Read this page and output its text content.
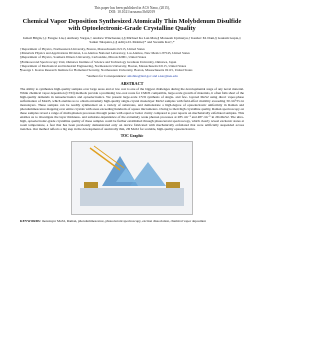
This paper has been published in ACS Nano, (2015),
DOI: 10.1021/acsnano.5b02019
Chemical Vapor Deposition Synthesized Atomically Thin Molybdenum Disulfide with Optoelectronic-Grade Crystalline Quality
Ismail Bilgin,†,‡ Fangze Liu,‡ Anthony Vargas,† Andrew Winchester,‡,§ Michael Ka Lun Man,§ Moneesh Upmanyu,† Keshav M. Dani,§ Gautam Gupta,‡ Saikat Talapatra,‡,§ Aditya D. Mohite‡* and Swastik Kar†,*
†Department of Physics, Northeastern University, Boston, Massachusetts 02115, United States
‡Materials Physics and Applications Division, Los Alamos National Laboratory, Los Alamos, New Mexico 87545, United States
§Department of Physics, Southern Illinois University, Carbondale, Illinois 62901, United States
§Femtosecond Spectroscopy Unit, Okinawa Institute of Science and Technology Graduate University, Okinawa, Japan
†Department of Mechanical and Industrial Engineering, Northeastern University, Boston, Massachusetts 02115, United States
¶George J. Kostas Research Institute for Homeland Security, Northeastern University, Boston, Massachusetts 02115, United States
*Authors for Correspondence: amohite@lanl.gov and s.kar@neu.edu
ABSTRACT
The ability to synthesize high-quality samples over large areas and at low cost is one of the biggest challenges during the developmental stage of any novel material. While chemical vapor deposition (CVD) methods provide a promising low-cost route for CMOS compatible, large-scale growth of materials, it often falls short of the high-quality demands in nanoelectronics and optoelectronics. We present large-scale CVD synthesis of single- and few- layered MoS2 using direct vapor-phase sulfurization of MoO3, which enables us to obtain extremely high-quality single-crystal monolayer MoS2 samples with field-effect mobility exceeding 30 cm²/Vs in monolayers. These samples can be readily synthesized on a variety of substrates, and demonstrate a high-degree of optoelectronic uniformity in Raman and photoluminescence mapping over entire crystals with areas exceeding hundreds of square micrometers. Owing to their high crystalline quality, Raman spectroscopy on these samples reveal a range of multi-phonon processes through peaks with equal or better clarity compared to past reports on mechanically exfoliated samples. This enables us to investigate the layer thickness- and substrate-dependence of the extremely weak phonon processes at 285 cm⁻¹ and 487 cm⁻¹ in 2D-MoS2. The ultra-high, optoelectronic-grade crystalline quality of these samples could be further established through photocurrent spectroscopy, which clearly reveal excitonic states at room temperature, a feat that has been previously demonstrated only on device fabricated with mechanically exfoliated that were artificially suspended across trenches. Our method reflects a big step in the development of atomically thin, 2D MoS2 for scalable, high-quality optoelectronics.
TOC Graphic
KEYWORDS: monolayer MoS2, Raman, photoluminescence, photocurrent spectroscopy, exciton dissociation, chemical vapor deposition
